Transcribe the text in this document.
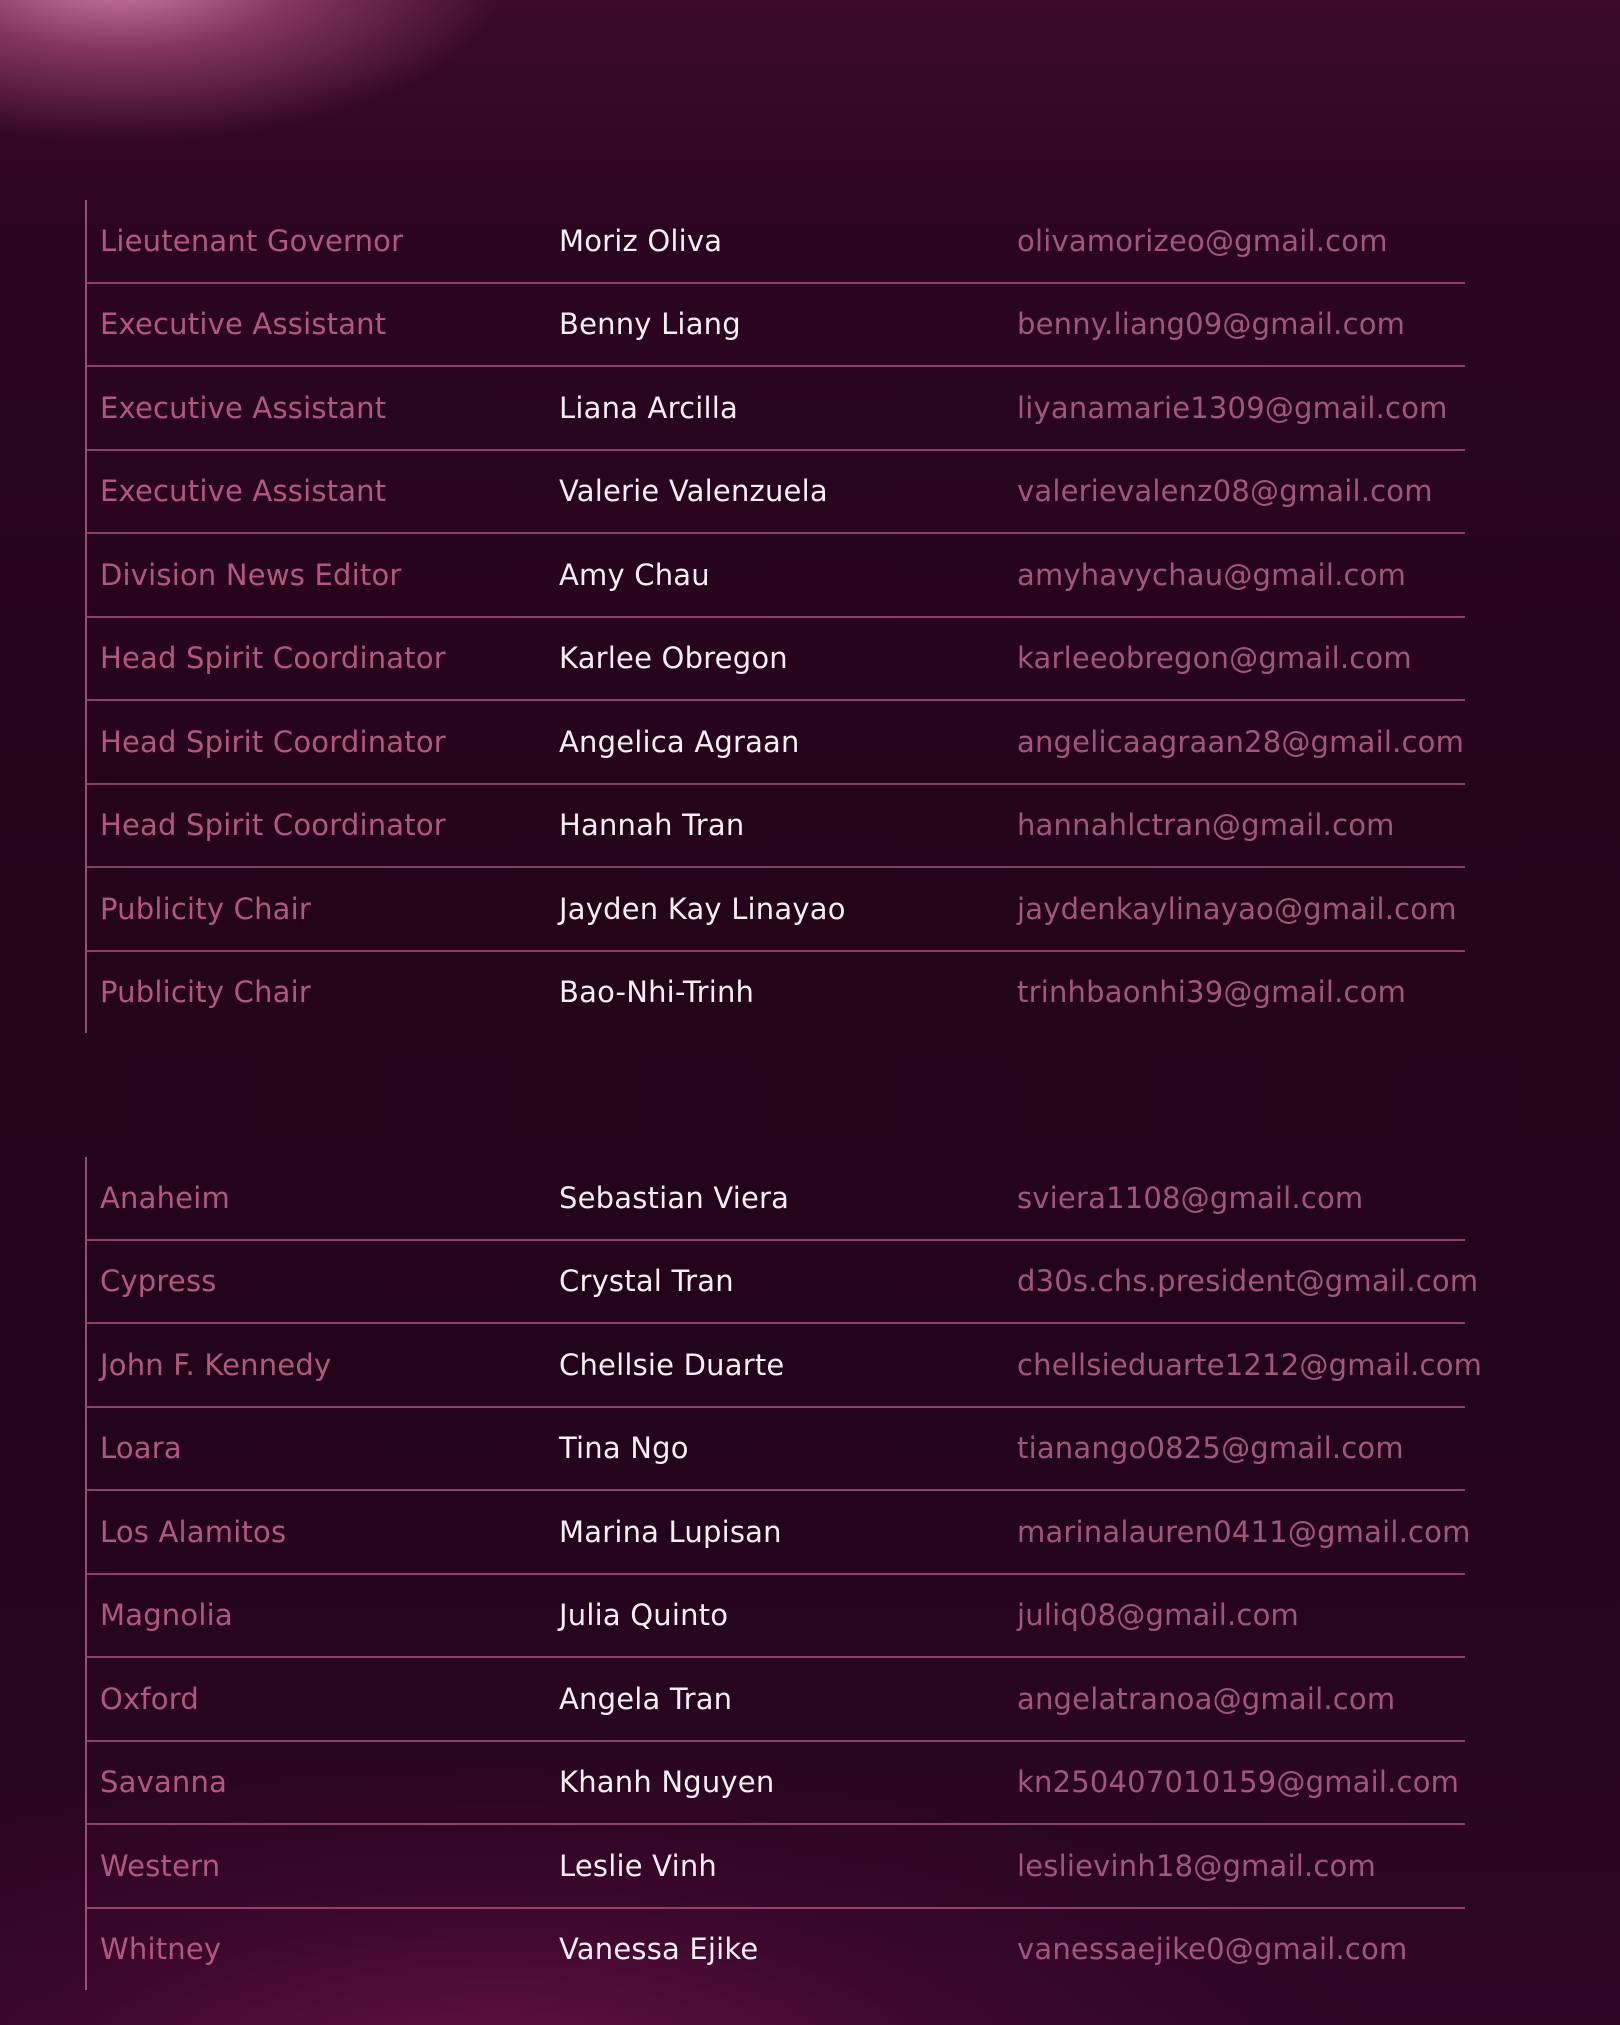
Lieutenant Governor	Moriz Oliva	olivamorizeo@gmail.com
Executive Assistant	Benny Liang	benny.liang09@gmail.com
Executive Assistant	Liana Arcilla	liyanamarie1309@gmail.com
Executive Assistant	Valerie Valenzuela	valerievalenz08@gmail.com
Division News Editor	Amy Chau	amyhavychau@gmail.com
Head Spirit Coordinator	Karlee Obregon	karleeobregon@gmail.com
Head Spirit Coordinator	Angelica Agraan	angelicaagraan28@gmail.com
Head Spirit Coordinator	Hannah Tran	hannahlctran@gmail.com
Publicity Chair	Jayden Kay Linayao	jaydenkaylinayao@gmail.com
Publicity Chair	Bao-Nhi-Trinh	trinhbaonhi39@gmail.com
Anaheim	Sebastian Viera	sviera1108@gmail.com
Cypress	Crystal Tran	d30s.chs.president@gmail.com
John F. Kennedy	Chellsie Duarte	chellsieduarte1212@gmail.com
Loara	Tina Ngo	tianango0825@gmail.com
Los Alamitos	Marina Lupisan	marinalauren0411@gmail.com
Magnolia	Julia Quinto	juliq08@gmail.com
Oxford	Angela Tran	angelatranoa@gmail.com
Savanna	Khanh Nguyen	kn250407010159@gmail.com
Western	Leslie Vinh	leslievinh18@gmail.com
Whitney	Vanessa Ejike	vanessaejike0@gmail.com
